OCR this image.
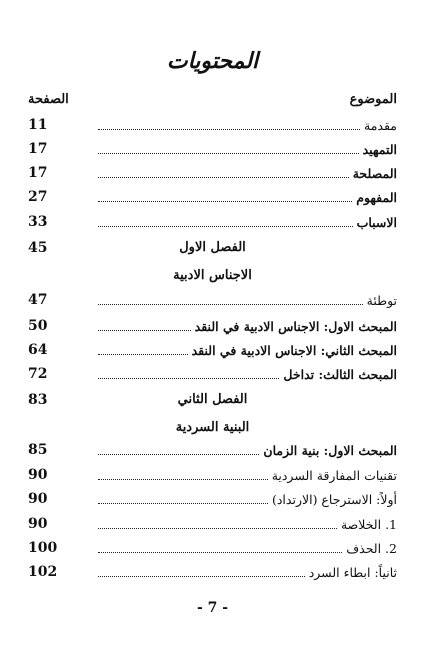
المحتويات
الصفحة	الموضوع
11	مقدمة
17	التمهيد
17	المصلحة
27	المفهوم
33	الاسباب
45	الفصل الاول
الاجناس الادبية
47	توطئة
50	المبحث الاول: الاجناس الادبية في النقد
64	المبحث الثاني: الاجناس الادبية في النقد
72	المبحث الثالث: تداخل
83	الفصل الثاني
البنية السردية
85	المبحث الاول: بنية الزمان
90	تقنيات المفارقة السردية
90	أولاً: الاسترجاع (الارتداد)
90	1. الخلاصة
100	2. الحذف
102	ثانياً: ابطاء السرد
- 7 -
